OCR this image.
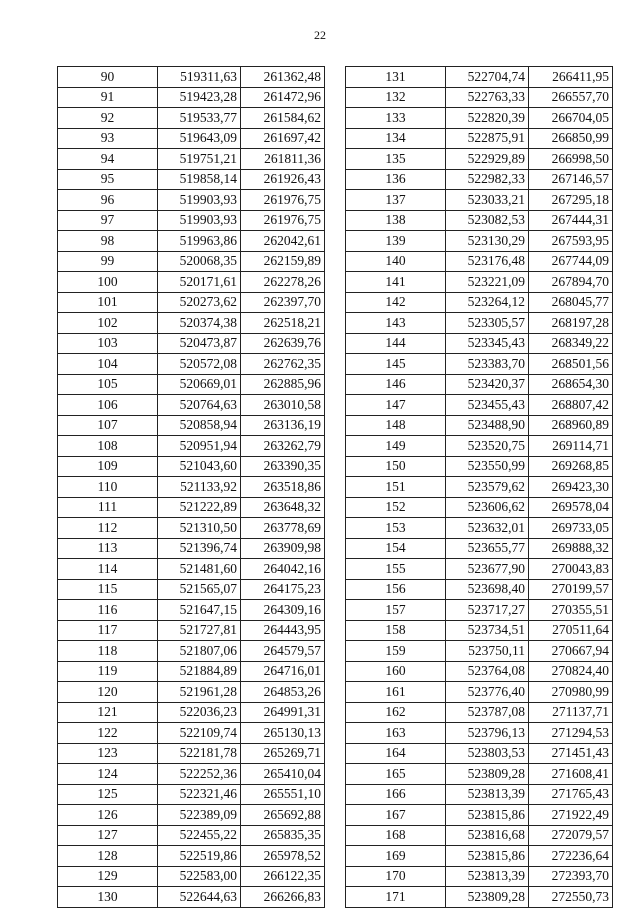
22
90	519311,63	261362,48
91	519423,28	261472,96
92	519533,77	261584,62
93	519643,09	261697,42
94	519751,21	261811,36
95	519858,14	261926,43
96	519903,93	261976,75
97	519903,93	261976,75
98	519963,86	262042,61
99	520068,35	262159,89
100	520171,61	262278,26
101	520273,62	262397,70
102	520374,38	262518,21
103	520473,87	262639,76
104	520572,08	262762,35
105	520669,01	262885,96
106	520764,63	263010,58
107	520858,94	263136,19
108	520951,94	263262,79
109	521043,60	263390,35
110	521133,92	263518,86
111	521222,89	263648,32
112	521310,50	263778,69
113	521396,74	263909,98
114	521481,60	264042,16
115	521565,07	264175,23
116	521647,15	264309,16
117	521727,81	264443,95
118	521807,06	264579,57
119	521884,89	264716,01
120	521961,28	264853,26
121	522036,23	264991,31
122	522109,74	265130,13
123	522181,78	265269,71
124	522252,36	265410,04
125	522321,46	265551,10
126	522389,09	265692,88
127	522455,22	265835,35
128	522519,86	265978,52
129	522583,00	266122,35
130	522644,63	266266,83
131	522704,74	266411,95
132	522763,33	266557,70
133	522820,39	266704,05
134	522875,91	266850,99
135	522929,89	266998,50
136	522982,33	267146,57
137	523033,21	267295,18
138	523082,53	267444,31
139	523130,29	267593,95
140	523176,48	267744,09
141	523221,09	267894,70
142	523264,12	268045,77
143	523305,57	268197,28
144	523345,43	268349,22
145	523383,70	268501,56
146	523420,37	268654,30
147	523455,43	268807,42
148	523488,90	268960,89
149	523520,75	269114,71
150	523550,99	269268,85
151	523579,62	269423,30
152	523606,62	269578,04
153	523632,01	269733,05
154	523655,77	269888,32
155	523677,90	270043,83
156	523698,40	270199,57
157	523717,27	270355,51
158	523734,51	270511,64
159	523750,11	270667,94
160	523764,08	270824,40
161	523776,40	270980,99
162	523787,08	271137,71
163	523796,13	271294,53
164	523803,53	271451,43
165	523809,28	271608,41
166	523813,39	271765,43
167	523815,86	271922,49
168	523816,68	272079,57
169	523815,86	272236,64
170	523813,39	272393,70
171	523809,28	272550,73
